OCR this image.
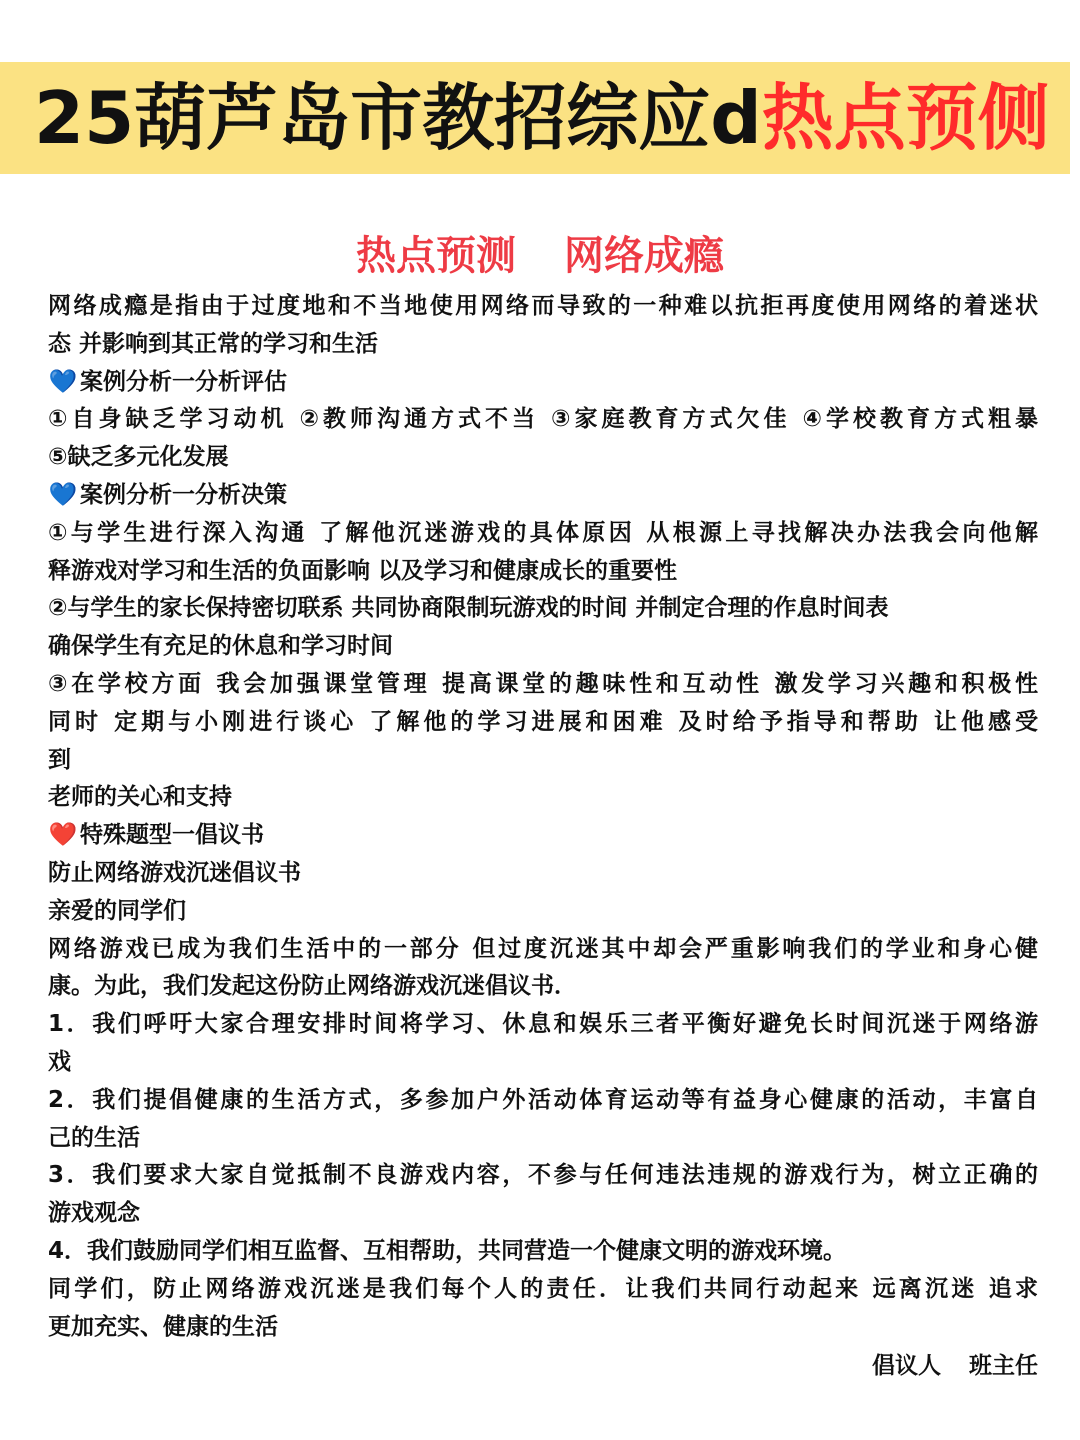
25葫芦岛市教招综应d热点预侧
热点预测 网络成瘾
网络成瘾是指由于过度地和不当地使用网络而导致的一种难以抗拒再度使用网络的着迷状
态 并影响到其正常的学习和生活
💙 案例分析一分析评估
①自身缺乏学习动机 ②教师沟通方式不当 ③家庭教育方式欠佳 ④学校教育方式粗暴
⑤缺乏多元化发展
💙 案例分析一分析决策
①与学生进行深入沟通 了解他沉迷游戏的具体原因 从根源上寻找解决办法我会向他解
释游戏对学习和生活的负面影响 以及学习和健康成长的重要性
②与学生的家长保持密切联系 共同协商限制玩游戏的时间 并制定合理的作息时间表
确保学生有充足的休息和学习时间
③在学校方面 我会加强课堂管理 提高课堂的趣味性和互动性 激发学习兴趣和积极性
同时 定期与小刚进行谈心 了解他的学习进展和困难 及时给予指导和帮助 让他感受
到
老师的关心和支持
❤️ 特殊题型一倡议书
防止网络游戏沉迷倡议书
亲爱的同学们
网络游戏已成为我们生活中的一部分 但过度沉迷其中却会严重影响我们的学业和身心健
康。为此，我们发起这份防止网络游戏沉迷倡议书．
1．我们呼吁大家合理安排时间将学习、休息和娱乐三者平衡好避免长时间沉迷于网络游
戏
2．我们提倡健康的生活方式，多参加户外活动体育运动等有益身心健康的活动，丰富自
己的生活
3．我们要求大家自觉抵制不良游戏内容，不参与任何违法违规的游戏行为，树立正确的
游戏观念
4．我们鼓励同学们相互监督、互相帮助，共同营造一个健康文明的游戏环境。
同学们，防止网络游戏沉迷是我们每个人的责任．让我们共同行动起来 远离沉迷 追求
更加充实、健康的生活
倡议人 班主任
